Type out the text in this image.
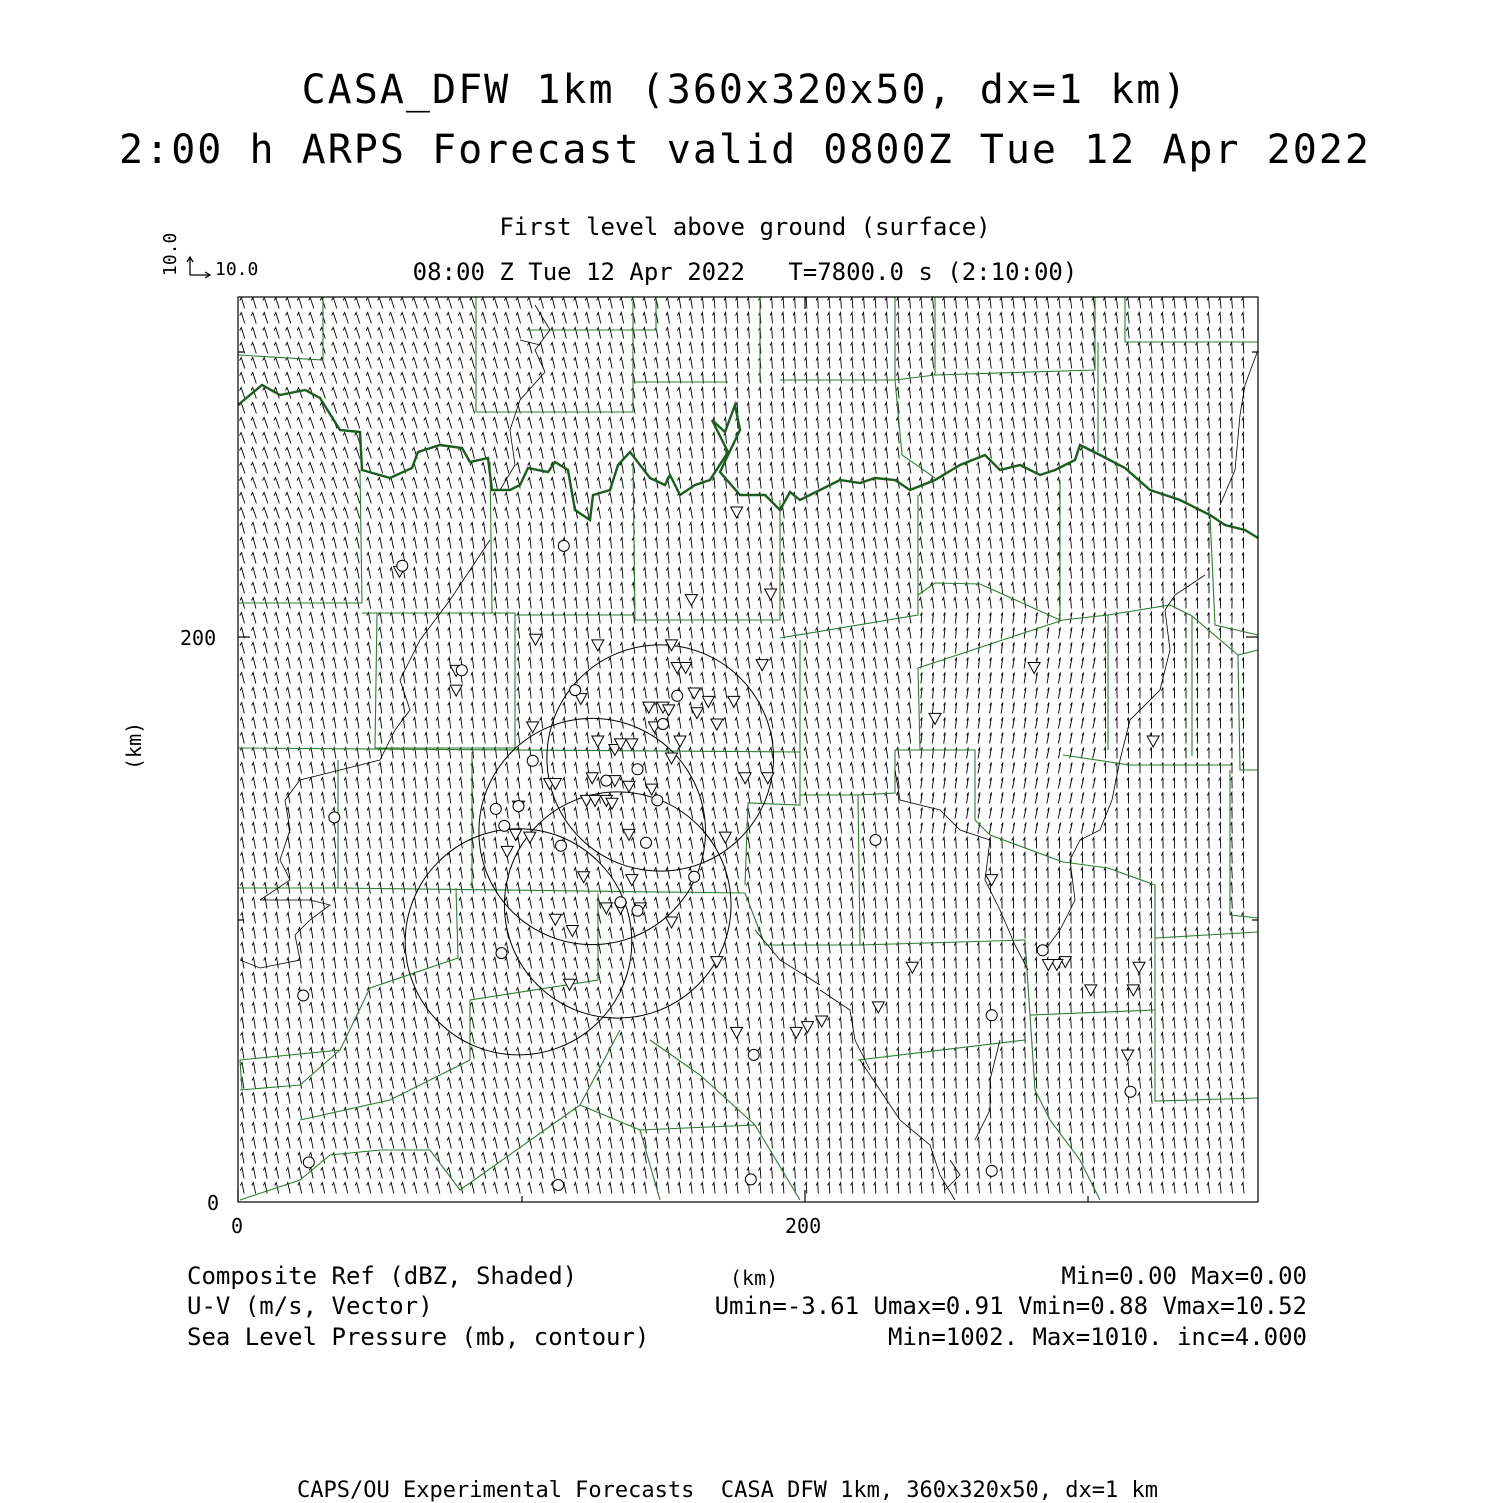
CASA_DFW 1km (360x320x50, dx=1 km)
2:00 h ARPS Forecast valid 0800Z Tue 12 Apr 2022
First level above ground (surface)
08:00 Z Tue 12 Apr 2022   T=7800.0 s (2:10:00)
10.0
10.0
200
0
0	200
(km)
(km)
Composite Ref (dBZ, Shaded)	Min=0.00 Max=0.00
U-V (m/s, Vector)	Umin=-3.61 Umax=0.91 Vmin=0.88 Vmax=10.52
Sea Level Pressure (mb, contour)	Min=1002. Max=1010. inc=4.000
CAPS/OU Experimental Forecasts  CASA DFW 1km, 360x320x50, dx=1 km
